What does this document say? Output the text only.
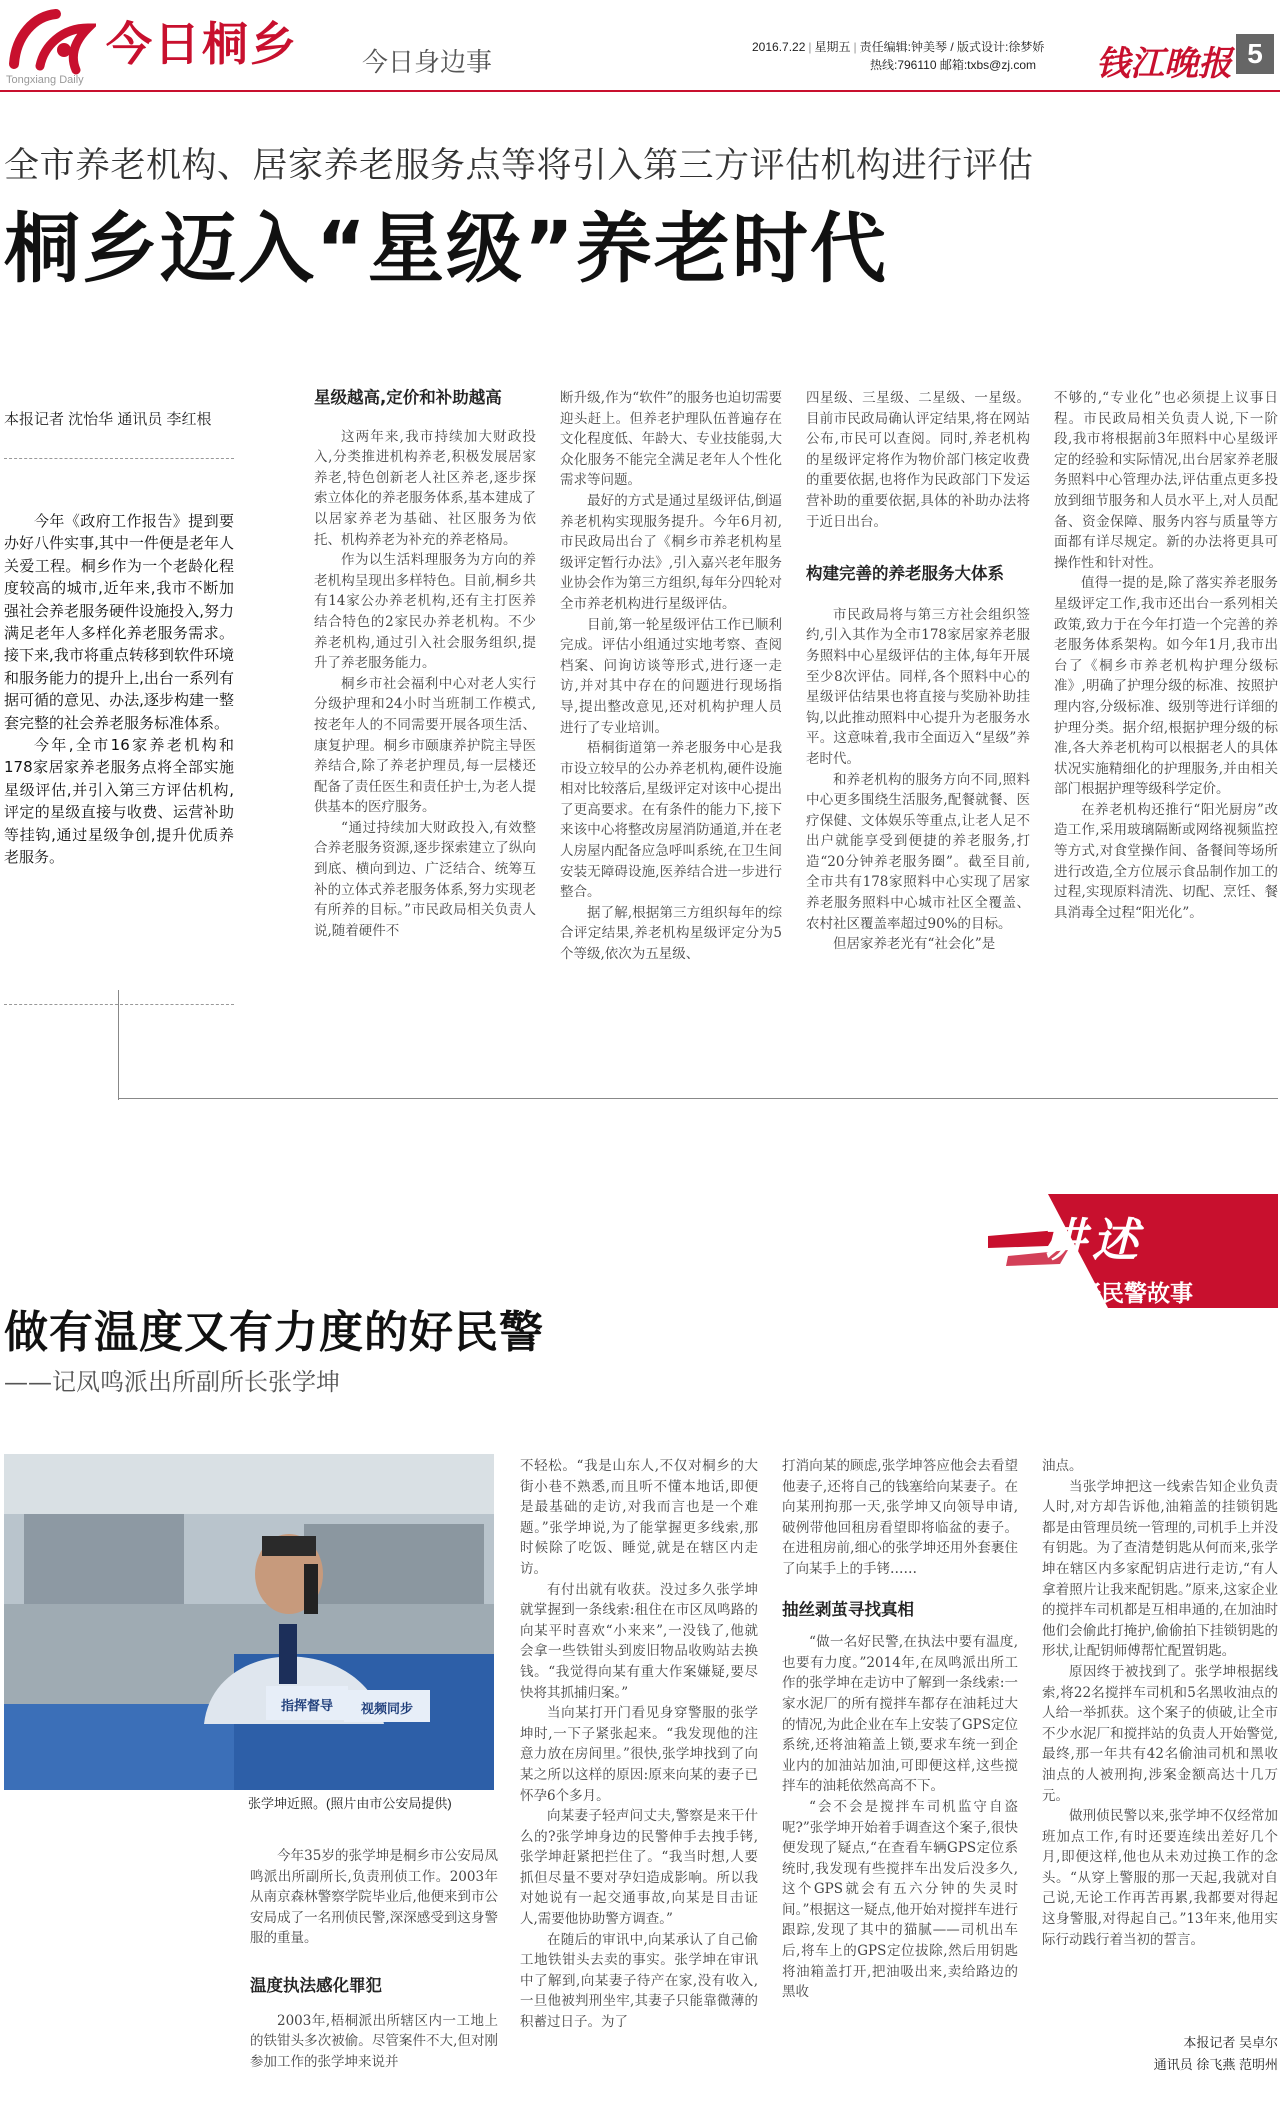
今日桐乡
Tongxiang Daily
今日身边事	2016.7.22 | 星期五 | 责任编辑:钟美琴 / 版式设计:徐梦娇
热线:796110 邮箱:txbs@zj.com	钱江晚报 5
全市养老机构、居家养老服务点等将引入第三方评估机构进行评估
桐乡迈入“星级”养老时代
本报记者 沈怡华 通讯员 李红根

今年《政府工作报告》提到要办好八件实事,其中一件便是老年人关爱工程。桐乡作为一个老龄化程度较高的城市,近年来,我市不断加强社会养老服务硬件设施投入,努力满足老年人多样化养老服务需求。接下来,我市将重点转移到软件环境和服务能力的提升上,出台一系列有据可循的意见、办法,逐步构建一整套完整的社会养老服务标准体系。

今年,全市16家养老机构和178家居家养老服务点将全部实施星级评估,并引入第三方评估机构,评定的星级直接与收费、运营补助等挂钩,通过星级争创,提升优质养老服务。

星级越高,定价和补助越高

这两年来,我市持续加大财政投入,分类推进机构养老,积极发展居家养老,特色创新老人社区养老,逐步探索立体化的养老服务体系,基本建成了以居家养老为基础、社区服务为依托、机构养老为补充的养老格局。

作为以生活料理服务为方向的养老机构呈现出多样特色。目前,桐乡共有14家公办养老机构,还有主打医养结合特色的2家民办养老机构。不少养老机构,通过引入社会服务组织,提升了养老服务能力。

桐乡市社会福利中心对老人实行分级护理和24小时当班制工作模式,按老年人的不同需要开展各项生活、康复护理。桐乡市颐康养护院主导医养结合,除了养老护理员,每一层楼还配备了责任医生和责任护士,为老人提供基本的医疗服务。

“通过持续加大财政投入,有效整合养老服务资源,逐步探索建立了纵向到底、横向到边、广泛结合、统筹互补的立体式养老服务体系,努力实现老有所养的目标。”市民政局相关负责人说,随着硬件不

断升级,作为“软件”的服务也迫切需要迎头赶上。但养老护理队伍普遍存在文化程度低、年龄大、专业技能弱,大众化服务不能完全满足老年人个性化需求等问题。

最好的方式是通过星级评估,倒逼养老机构实现服务提升。今年6月初,市民政局出台了《桐乡市养老机构星级评定暂行办法》,引入嘉兴老年服务业协会作为第三方组织,每年分四轮对全市养老机构进行星级评估。

目前,第一轮星级评估工作已顺利完成。评估小组通过实地考察、查阅档案、问询访谈等形式,进行逐一走访,并对其中存在的问题进行现场指导,提出整改意见,还对机构护理人员进行了专业培训。

梧桐街道第一养老服务中心是我市设立较早的公办养老机构,硬件设施相对比较落后,星级评定对该中心提出了更高要求。在有条件的能力下,接下来该中心将整改房屋消防通道,并在老人房屋内配备应急呼叫系统,在卫生间安装无障碍设施,医养结合进一步进行整合。

据了解,根据第三方组织每年的综合评定结果,养老机构星级评定分为5个等级,依次为五星级、

四星级、三星级、二星级、一星级。目前市民政局确认评定结果,将在网站公布,市民可以查阅。同时,养老机构的星级评定将作为物价部门核定收费的重要依据,也将作为民政部门下发运营补助的重要依据,具体的补助办法将于近日出台。

构建完善的养老服务大体系

市民政局将与第三方社会组织签约,引入其作为全市178家居家养老服务照料中心星级评估的主体,每年开展至少8次评估。同样,各个照料中心的星级评估结果也将直接与奖励补助挂钩,以此推动照料中心提升为老服务水平。这意味着,我市全面迈入“星级”养老时代。

和养老机构的服务方向不同,照料中心更多围绕生活服务,配餐就餐、医疗保健、文体娱乐等重点,让老人足不出户就能享受到便捷的养老服务,打造“20分钟养老服务圈”。截至目前,全市共有178家照料中心实现了居家养老服务照料中心城市社区全覆盖、农村社区覆盖率超过90%的目标。

但居家养老光有“社会化”是

不够的,“专业化”也必须提上议事日程。市民政局相关负责人说,下一阶段,我市将根据前3年照料中心星级评定的经验和实际情况,出台居家养老服务照料中心管理办法,评估重点更多投放到细节服务和人员水平上,对人员配备、资金保障、服务内容与质量等方面都有详尽规定。新的办法将更具可操作性和针对性。

值得一提的是,除了落实养老服务星级评定工作,我市还出台一系列相关政策,致力于在今年打造一个完善的养老服务体系架构。如今年1月,我市出台了《桐乡市养老机构护理分级标准》,明确了护理分级的标准、按照护理内容,分级标准、级别等进行详细的护理分类。据介绍,根据护理分级的标准,各大养老机构可以根据老人的具体状况实施精细化的护理服务,并由相关部门根据护理等级科学定价。

在养老机构还推行“阳光厨房”改造工作,采用玻璃隔断或网络视频监控等方式,对食堂操作间、备餐间等场所进行改造,全方位展示食品制作加工的过程,实现原料清洗、切配、烹饪、餐具消毒全过程“阳光化”。

讲述
好民警故事
做有温度又有力度的好民警
——记凤鸣派出所副所长张学坤
指挥督导 视频同步
张学坤近照。(照片由市公安局提供)

今年35岁的张学坤是桐乡市公安局凤鸣派出所副所长,负责刑侦工作。2003年从南京森林警察学院毕业后,他便来到市公安局成了一名刑侦民警,深深感受到这身警服的重量。

温度执法感化罪犯

2003年,梧桐派出所辖区内一工地上的铁钳头多次被偷。尽管案件不大,但对刚参加工作的张学坤来说并

不轻松。“我是山东人,不仅对桐乡的大街小巷不熟悉,而且听不懂本地话,即便是最基础的走访,对我而言也是一个难题。”张学坤说,为了能掌握更多线索,那时候除了吃饭、睡觉,就是在辖区内走访。

有付出就有收获。没过多久张学坤就掌握到一条线索:租住在市区凤鸣路的向某平时喜欢“小来来”,一没钱了,他就会拿一些铁钳头到废旧物品收购站去换钱。“我觉得向某有重大作案嫌疑,要尽快将其抓捕归案。”

当向某打开门看见身穿警服的张学坤时,一下子紧张起来。“我发现他的注意力放在房间里。”很快,张学坤找到了向某之所以这样的原因:原来向某的妻子已怀孕6个多月。

向某妻子轻声问丈夫,警察是来干什么的?张学坤身边的民警伸手去拽手铐,张学坤赶紧把拦住了。“我当时想,人要抓但尽量不要对孕妇造成影响。所以我对她说有一起交通事故,向某是目击证人,需要他协助警方调查。”

在随后的审讯中,向某承认了自己偷工地铁钳头去卖的事实。张学坤在审讯中了解到,向某妻子待产在家,没有收入,一旦他被判刑坐牢,其妻子只能靠微薄的积蓄过日子。为了

打消向某的顾虑,张学坤答应他会去看望他妻子,还将自己的钱塞给向某妻子。在向某刑拘那一天,张学坤又向领导申请,破例带他回租房看望即将临盆的妻子。在进租房前,细心的张学坤还用外套裹住了向某手上的手铐……

抽丝剥茧寻找真相

“做一名好民警,在执法中要有温度,也要有力度。”2014年,在凤鸣派出所工作的张学坤在走访中了解到一条线索:一家水泥厂的所有搅拌车都存在油耗过大的情况,为此企业在车上安装了GPS定位系统,还将油箱盖上锁,要求车统一到企业内的加油站加油,可即便这样,这些搅拌车的油耗依然高高不下。

“会不会是搅拌车司机监守自盗呢?”张学坤开始着手调查这个案子,很快便发现了疑点,“在查看车辆GPS定位系统时,我发现有些搅拌车出发后没多久,这个GPS就会有五六分钟的失灵时间。”根据这一疑点,他开始对搅拌车进行跟踪,发现了其中的猫腻——司机出车后,将车上的GPS定位拔除,然后用钥匙将油箱盖打开,把油吸出来,卖给路边的黑收

油点。

当张学坤把这一线索告知企业负责人时,对方却告诉他,油箱盖的挂锁钥匙都是由管理员统一管理的,司机手上并没有钥匙。为了查清楚钥匙从何而来,张学坤在辖区内多家配钥店进行走访,“有人拿着照片让我来配钥匙。”原来,这家企业的搅拌车司机都是互相串通的,在加油时他们会偷此打掩护,偷偷拍下挂锁钥匙的形状,让配钥师傅帮忙配置钥匙。

原因终于被找到了。张学坤根据线索,将22名搅拌车司机和5名黑收油点的人给一举抓获。这个案子的侦破,让全市不少水泥厂和搅拌站的负责人开始警觉,最终,那一年共有42名偷油司机和黑收油点的人被刑拘,涉案金额高达十几万元。

做刑侦民警以来,张学坤不仅经常加班加点工作,有时还要连续出差好几个月,即便这样,他也从未劝过换工作的念头。“从穿上警服的那一天起,我就对自己说,无论工作再苦再累,我都要对得起这身警服,对得起自己。”13年来,他用实际行动践行着当初的誓言。

本报记者 吴卓尔
通讯员 徐飞燕 范明州
